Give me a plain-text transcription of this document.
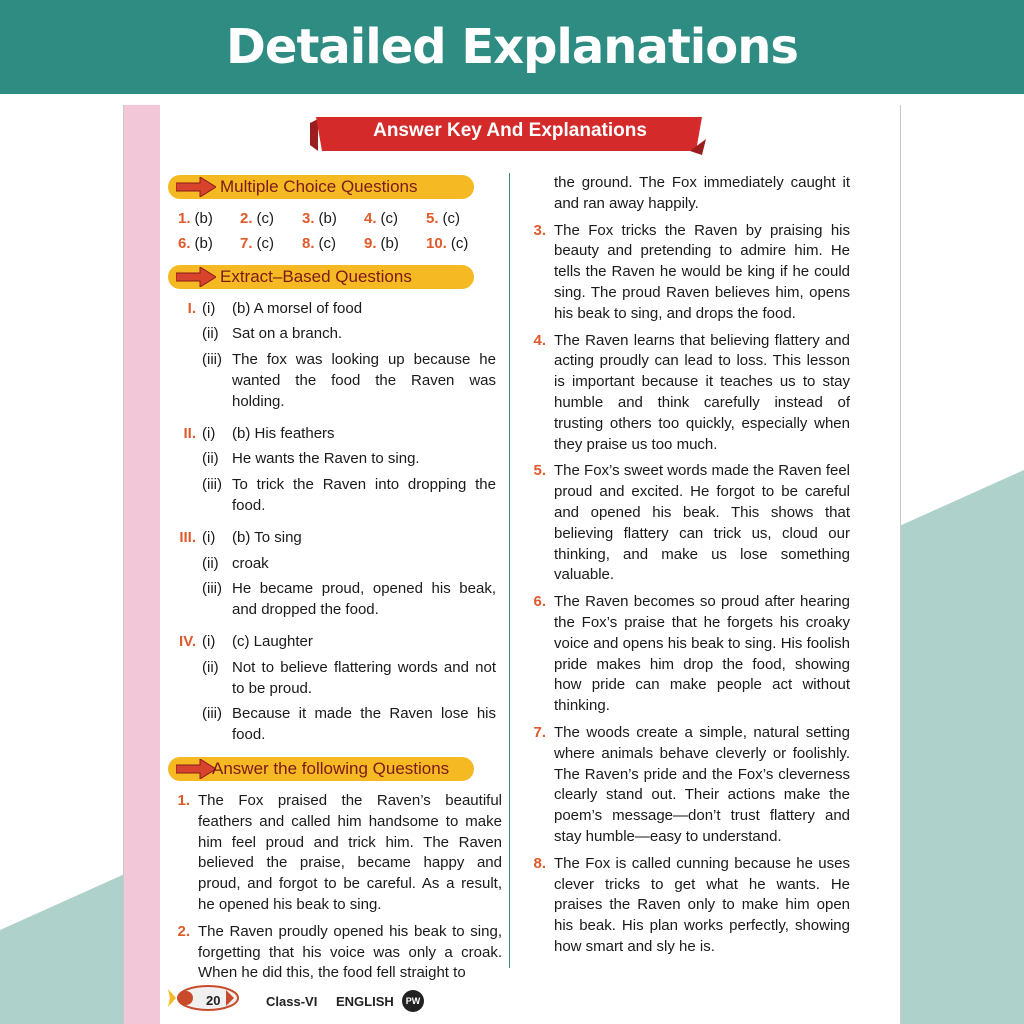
Detailed Explanations
Answer Key And Explanations
Multiple Choice Questions
1. (b)	2. (c)	3. (b)	4. (c)	5. (c)
6. (b)	7. (c)	8. (c)	9. (b)	10. (c)
Extract–Based Questions
I. (i)	(b) A morsel of food
(ii) Sat on a branch.
(iii) The fox was looking up because he wanted the food the Raven was holding.
II. (i)	(b) His feathers
(ii) He wants the Raven to sing.
(iii) To trick the Raven into dropping the food.
III. (i)	(b) To sing
(ii) croak
(iii) He became proud, opened his beak, and dropped the food.
IV. (i)	(c) Laughter
(ii) Not to believe flattering words and not to be proud.
(iii) Because it made the Raven lose his food.
Answer the following Questions
1. The Fox praised the Raven’s beautiful feathers and called him handsome to make him feel proud and trick him. The Raven believed the praise, became happy and proud, and forgot to be careful. As a result, he opened his beak to sing.
2. The Raven proudly opened his beak to sing, forgetting that his voice was only a croak. When he did this, the food fell straight to
the ground. The Fox immediately caught it and ran away happily.
3. The Fox tricks the Raven by praising his beauty and pretending to admire him. He tells the Raven he would be king if he could sing. The proud Raven believes him, opens his beak to sing, and drops the food.
4. The Raven learns that believing flattery and acting proudly can lead to loss. This lesson is important because it teaches us to stay humble and think carefully instead of trusting others too quickly, especially when they praise us too much.
5. The Fox’s sweet words made the Raven feel proud and excited. He forgot to be careful and opened his beak. This shows that believing flattery can trick us, cloud our thinking, and make us lose something valuable.
6. The Raven becomes so proud after hearing the Fox’s praise that he forgets his croaky voice and opens his beak to sing. His foolish pride makes him drop the food, showing how pride can make people act without thinking.
7. The woods create a simple, natural setting where animals behave cleverly or foolishly. The Raven’s pride and the Fox’s cleverness clearly stand out. Their actions make the poem’s message—don’t trust flattery and stay humble—easy to understand.
8. The Fox is called cunning because he uses clever tricks to get what he wants. He praises the Raven only to make him open his beak. His plan works perfectly, showing how smart and sly he is.
20	Class-VI ENGLISH	PW
